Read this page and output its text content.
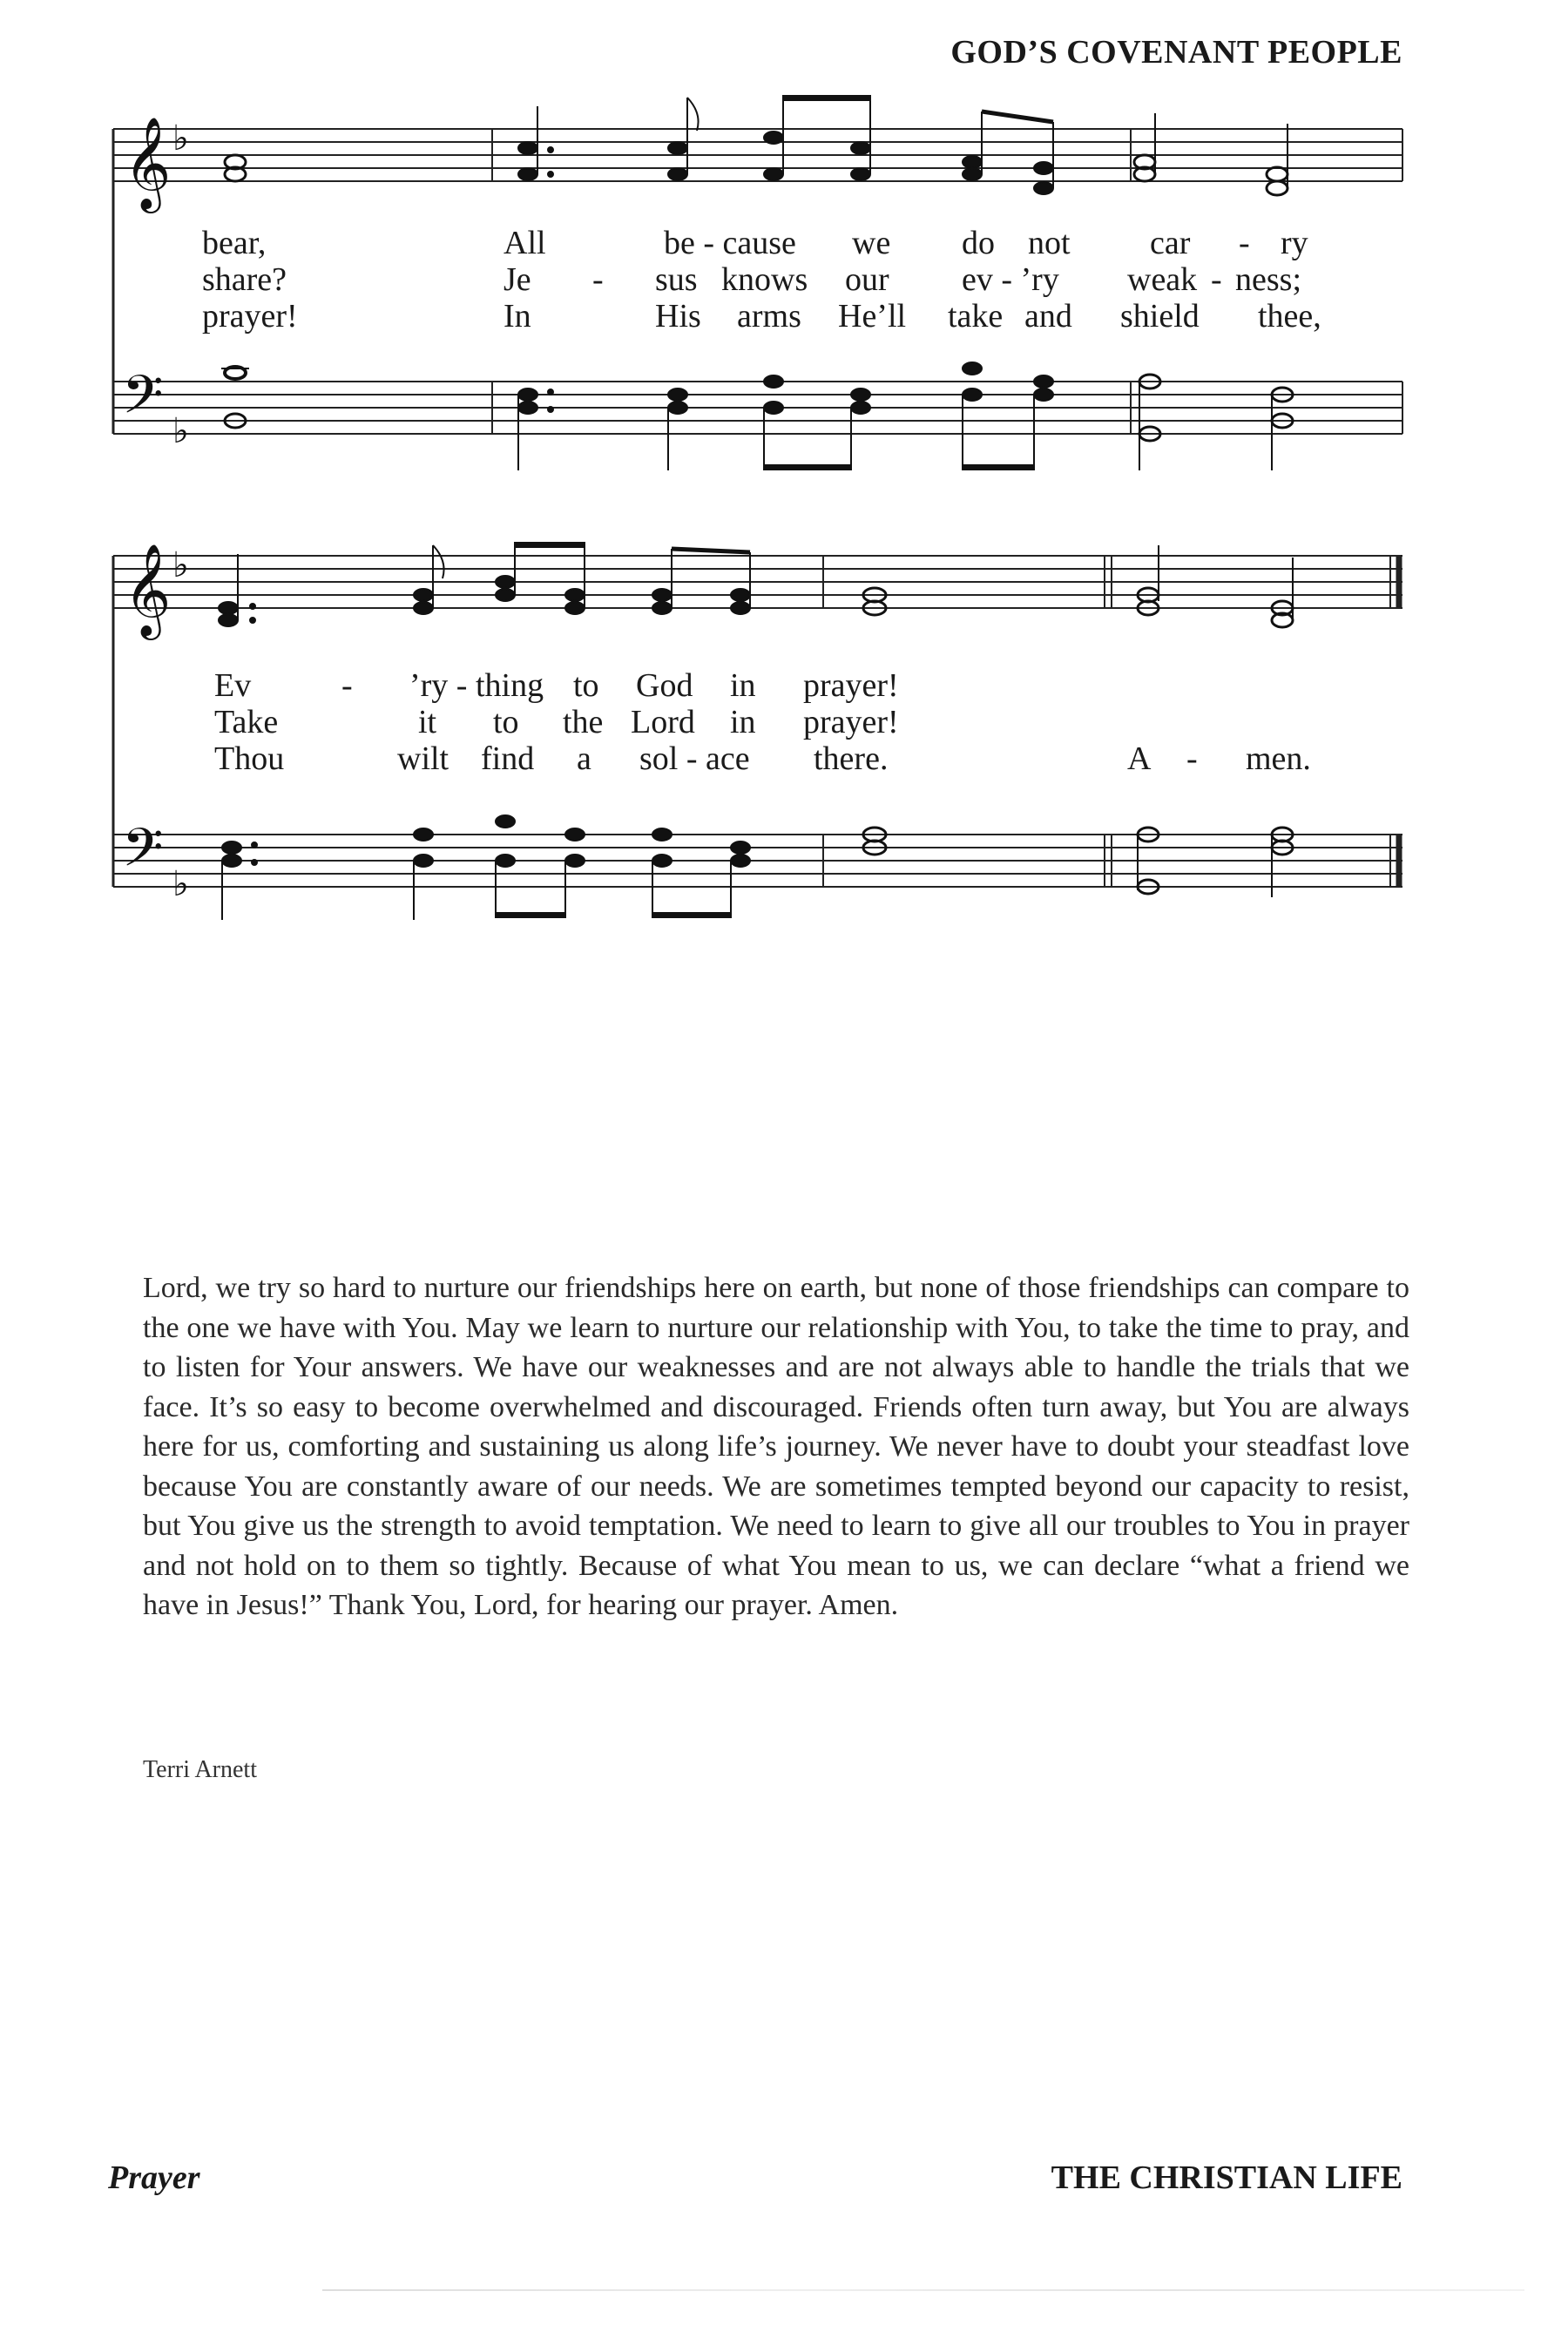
GOD’S COVENANT PEOPLE
𝄞 ♭
𝄢 ♭
𝄞 ♭
𝄢 ♭
bear,	All	be - cause we do not car - ry
share?	Je - sus knows our ev - ’ry weak - ness;
prayer!	In	His arms He’ll take and shield thee,
Ev	- ’ry - thing to God in prayer!
Take	it to the Lord in prayer!
Thou	wilt find a sol - ace there.	A - men.
Lord, we try so hard to nurture our friendships here on earth, but none of those friendships can compare to the one we have with You. May we learn to nurture our relationship with You, to take the time to pray, and to listen for Your answers. We have our weaknesses and are not always able to handle the trials that we face. It’s so easy to become overwhelmed and discouraged. Friends often turn away, but You are always here for us, comforting and sustaining us along life’s journey. We never have to doubt your steadfast love because You are constantly aware of our needs. We are sometimes tempted beyond our capacity to resist, but You give us the strength to avoid temptation. We need to learn to give all our troubles to You in prayer and not hold on to them so tightly. Because of what You mean to us, we can declare “what a friend we have in Jesus!” Thank You, Lord, for hearing our prayer. Amen.
Terri Arnett
Prayer	THE CHRISTIAN LIFE
